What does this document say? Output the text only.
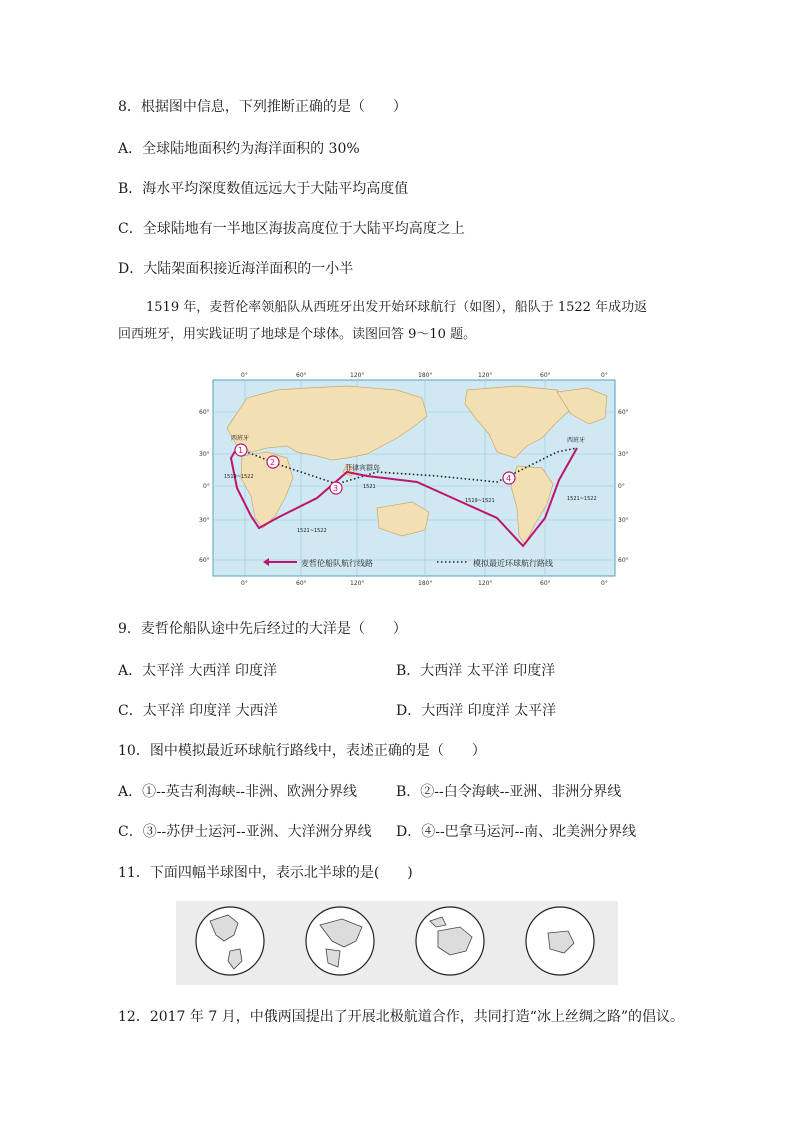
8．根据图中信息，下列推断正确的是（　　）
A．全球陆地面积约为海洋面积的 30%
B．海水平均深度数值远远大于大陆平均高度值
C．全球陆地有一半地区海拔高度位于大陆平均高度之上
D．大陆架面积接近海洋面积的一小半

1519 年，麦哲伦率领船队从西班牙出发开始环球航行（如图），船队于 1522 年成功返

回西班牙，用实践证明了地球是个球体。读图回答 9～10 题。

0°	60°	120°	180°	120°	60°	0°
0°	60°	120°	180°	120°	60°	0°
60°
30°
0°
30°
60°
60°
30°
0°
30°
60°
1
2
3
4
西班牙	西班牙
菲律宾群岛
1519~1522
1521
1519~1521
1521~1522
1521~1522
麦哲伦船队航行线路	模拟最近环球航行路线
9．麦哲伦船队途中先后经过的大洋是（　　）
A．太平洋 大西洋 印度洋	B．大西洋 太平洋 印度洋
C．太平洋 印度洋 大西洋	D．大西洋 印度洋 太平洋
10．图中模拟最近环球航行路线中，表述正确的是（　　）
A．①--英吉利海峡--非洲、欧洲分界线	B．②--白令海峡--亚洲、非洲分界线
C．③--苏伊士运河--亚洲、大洋洲分界线 D．④--巴拿马运河--南、北美洲分界线
11．下面四幅半球图中，表示北半球的是(　　)
12．2017 年 7 月，中俄两国提出了开展北极航道合作，共同打造“冰上丝绸之路”的倡议。
